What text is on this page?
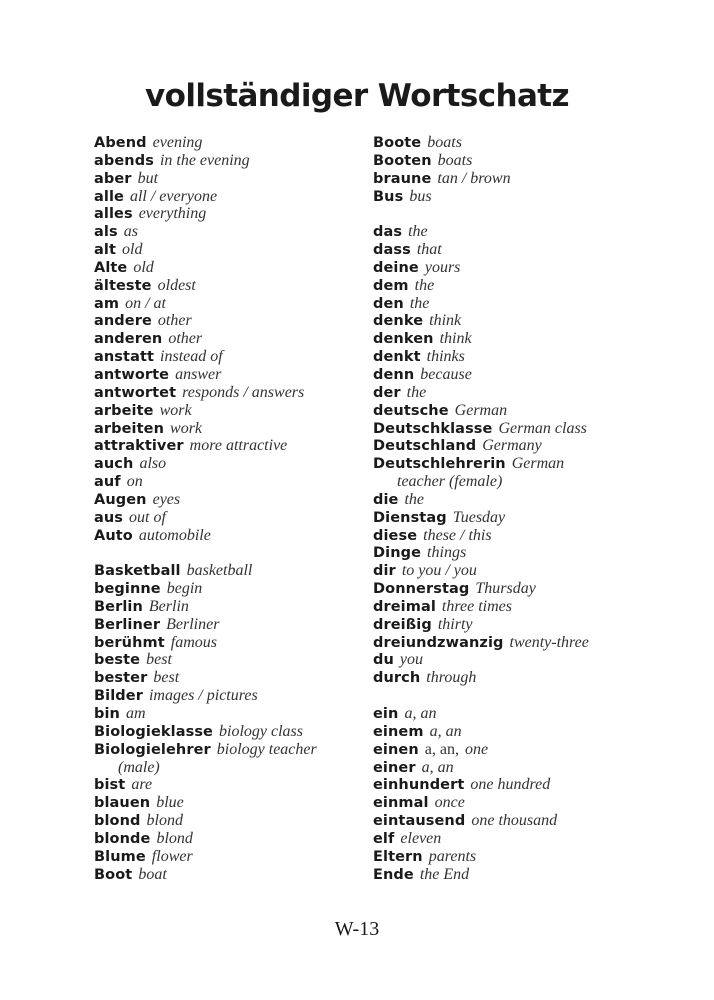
vollständiger Wortschatz
Abend evening
abends in the evening
aber but
alle all / everyone
alles everything
als as
alt old
Alte old
älteste oldest
am on / at
andere other
anderen other
anstatt instead of
antworte answer
antwortet responds / answers
arbeite work
arbeiten work
attraktiver more attractive
auch also
auf on
Augen eyes
aus out of
Auto automobile
Basketball basketball
beginne begin
Berlin Berlin
Berliner Berliner
berühmt famous
beste best
bester best
Bilder images / pictures
bin am
Biologieklasse biology class
Biologielehrer biology teacher
(male)
bist are
blauen blue
blond blond
blonde blond
Blume flower
Boot boat
Boote boats
Booten boats
braune tan / brown
Bus bus
das the
dass that
deine yours
dem the
den the
denke think
denken think
denkt thinks
denn because
der the
deutsche German
Deutschklasse German class
Deutschland Germany
Deutschlehrerin German
teacher (female)
die the
Dienstag Tuesday
diese these / this
Dinge things
dir to you / you
Donnerstag Thursday
dreimal three times
dreißig thirty
dreiundzwanzig twenty-three
du you
durch through
ein a, an
einem a, an
einen a, an, one
einer a, an
einhundert one hundred
einmal once
eintausend one thousand
elf eleven
Eltern parents
Ende the End
W-13
